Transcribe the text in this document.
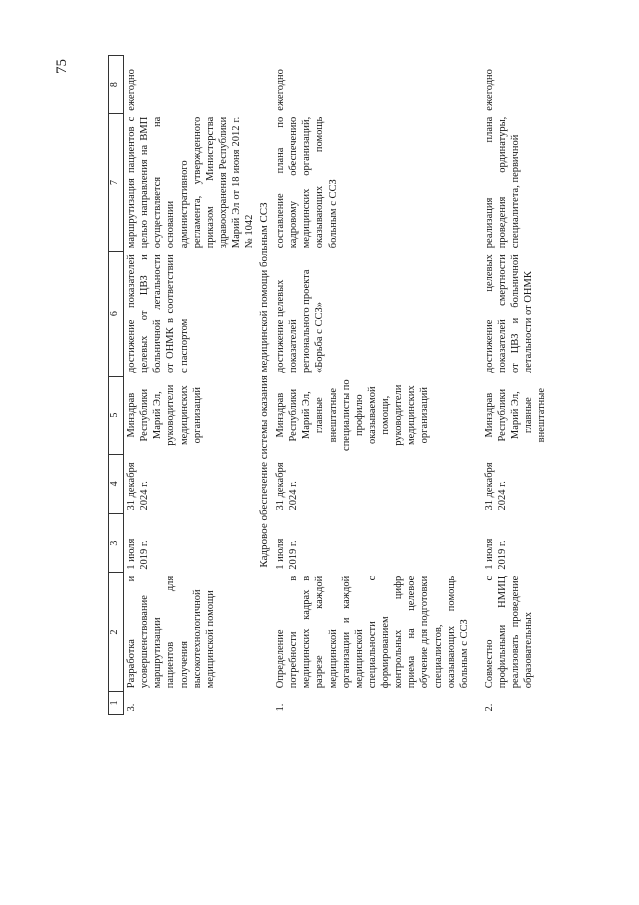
75
1	2	3	4	5	6	7	8
3.	Разработка и усовершенствование маршрутизации пациентов для получения высокотехнологичной медицинской помощи	1 июля 2019 г.	31 декабря 2024 г.	Минздрав Республики Марий Эл, руководители медицинских организаций	достижение показателей целевых от ЦВЗ и больничной летальности от ОНМК в соответствии с паспортом	маршрутизация пациентов с целью направления на ВМП осуществляется на основании административного регламента, утвержденного приказом Министерства здравоохранения Республики Марий Эл от 18 июня 2012 г. № 1042	ежегодно
Кадровое обеспечение системы оказания медицинской помощи больным ССЗ							
1.	Определение потребности в медицинских кадрах в разрезе каждой медицинской организации и каждой медицинской специальности с формированием контрольных цифр приема на целевое обучение для подготовки специалистов, оказывающих помощь больным с ССЗ	1 июля 2019 г.	31 декабря 2024 г.	Минздрав Республики Марий Эл, главные внештатные специалисты по профилю оказываемой помощи, руководители медицинских организаций	достижение целевых показателей регионального проекта «Борьба с ССЗ»	составление плана по кадровому обеспечению медицинских организаций, оказывающих помощь больным с ССЗ	ежегодно

2.	Совместно с профильными НМИЦ реализовать проведение образовательных	1 июля 2019 г.	31 декабря 2024 г.	Минздрав Республики Марий Эл, главные внештатные	достижение целевых показателей смертности от ЦВЗ и больничной летальности от ОНМК	реализация плана проведения ординатуры, специалитета, первичной	ежегодно
